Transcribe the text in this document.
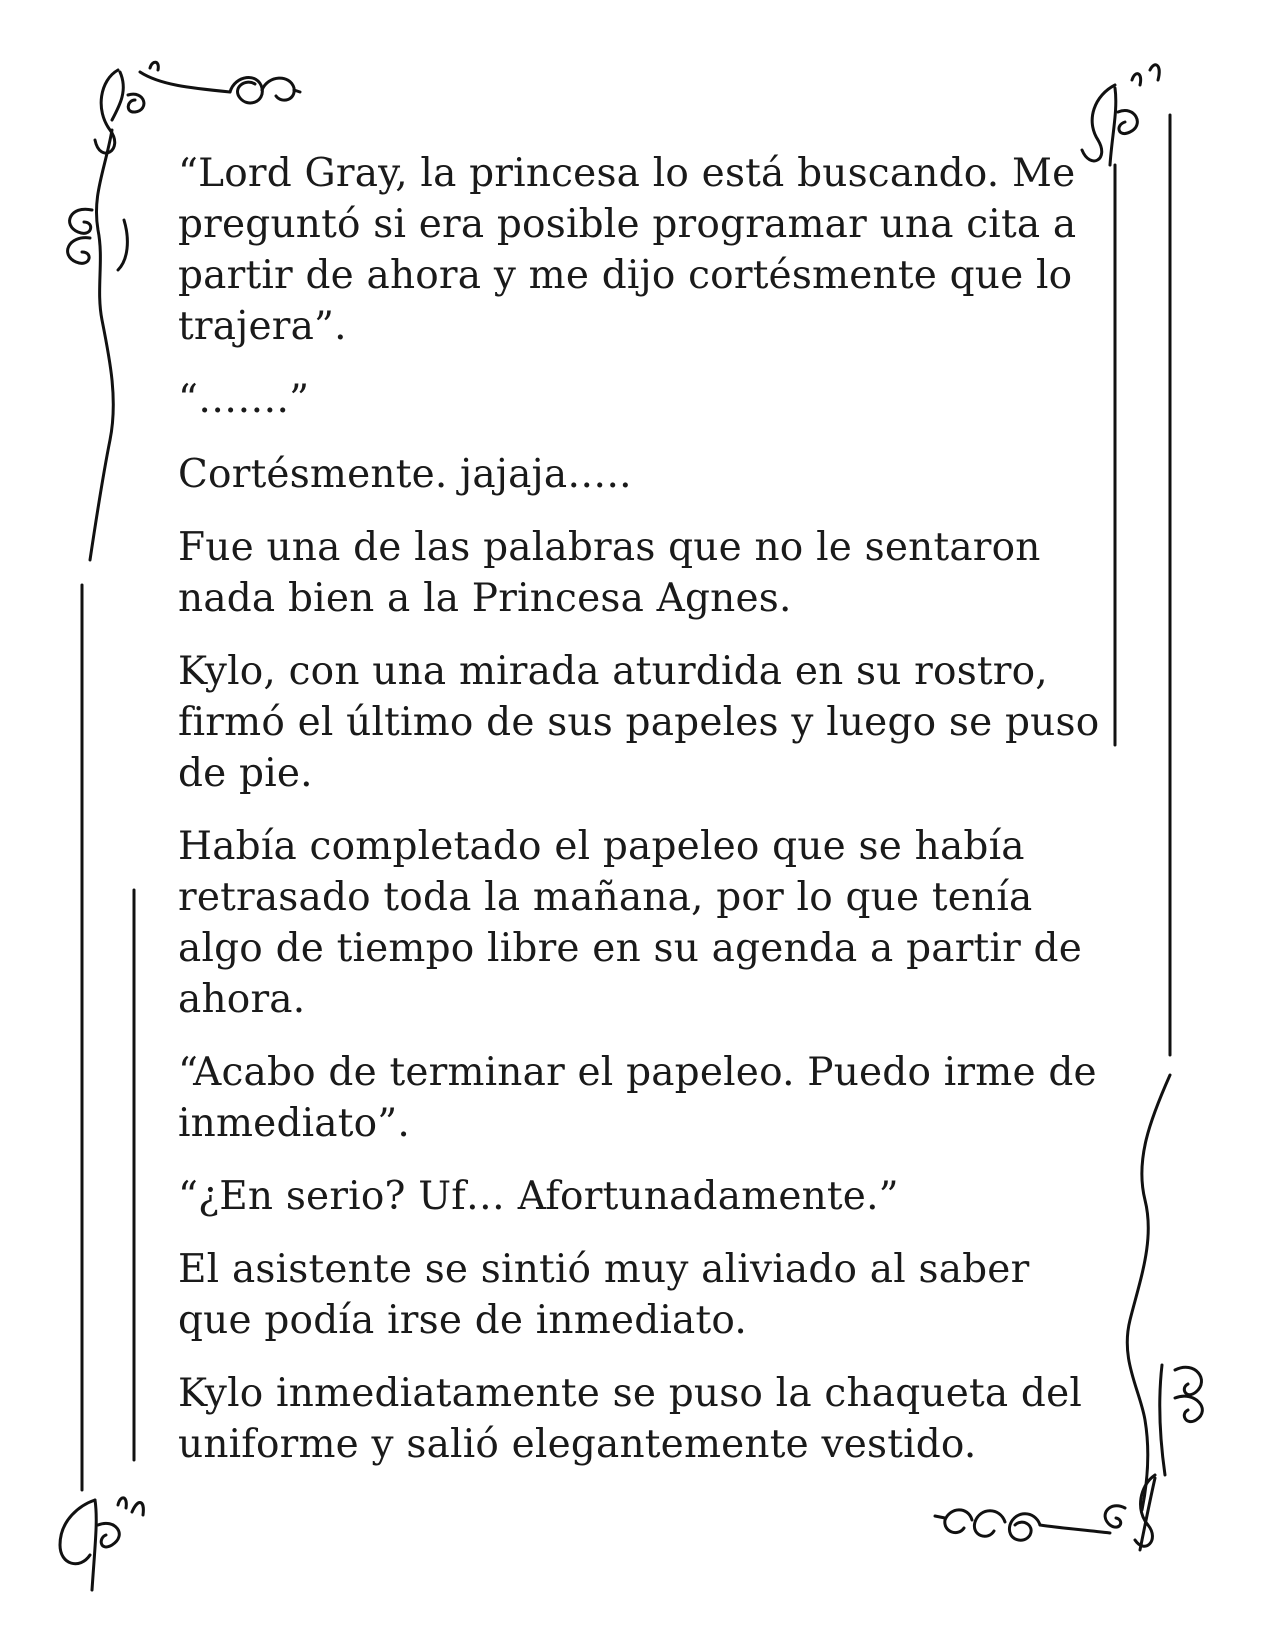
“Lord Gray, la princesa lo está buscando. Me preguntó si era posible programar una cita a partir de ahora y me dijo cortésmente que lo trajera”.

“…….”

Cortésmente. jajaja…..

Fue una de las palabras que no le sentaron nada bien a la Princesa Agnes.

Kylo, con una mirada aturdida en su rostro, firmó el último de sus papeles y luego se puso de pie.

Había completado el papeleo que se había retrasado toda la mañana, por lo que tenía algo de tiempo libre en su agenda a partir de ahora.

“Acabo de terminar el papeleo. Puedo irme de inmediato”.

“¿En serio? Uf… Afortunadamente.”

El asistente se sintió muy aliviado al saber que podía irse de inmediato.

Kylo inmediatamente se puso la chaqueta del uniforme y salió elegantemente vestido.
